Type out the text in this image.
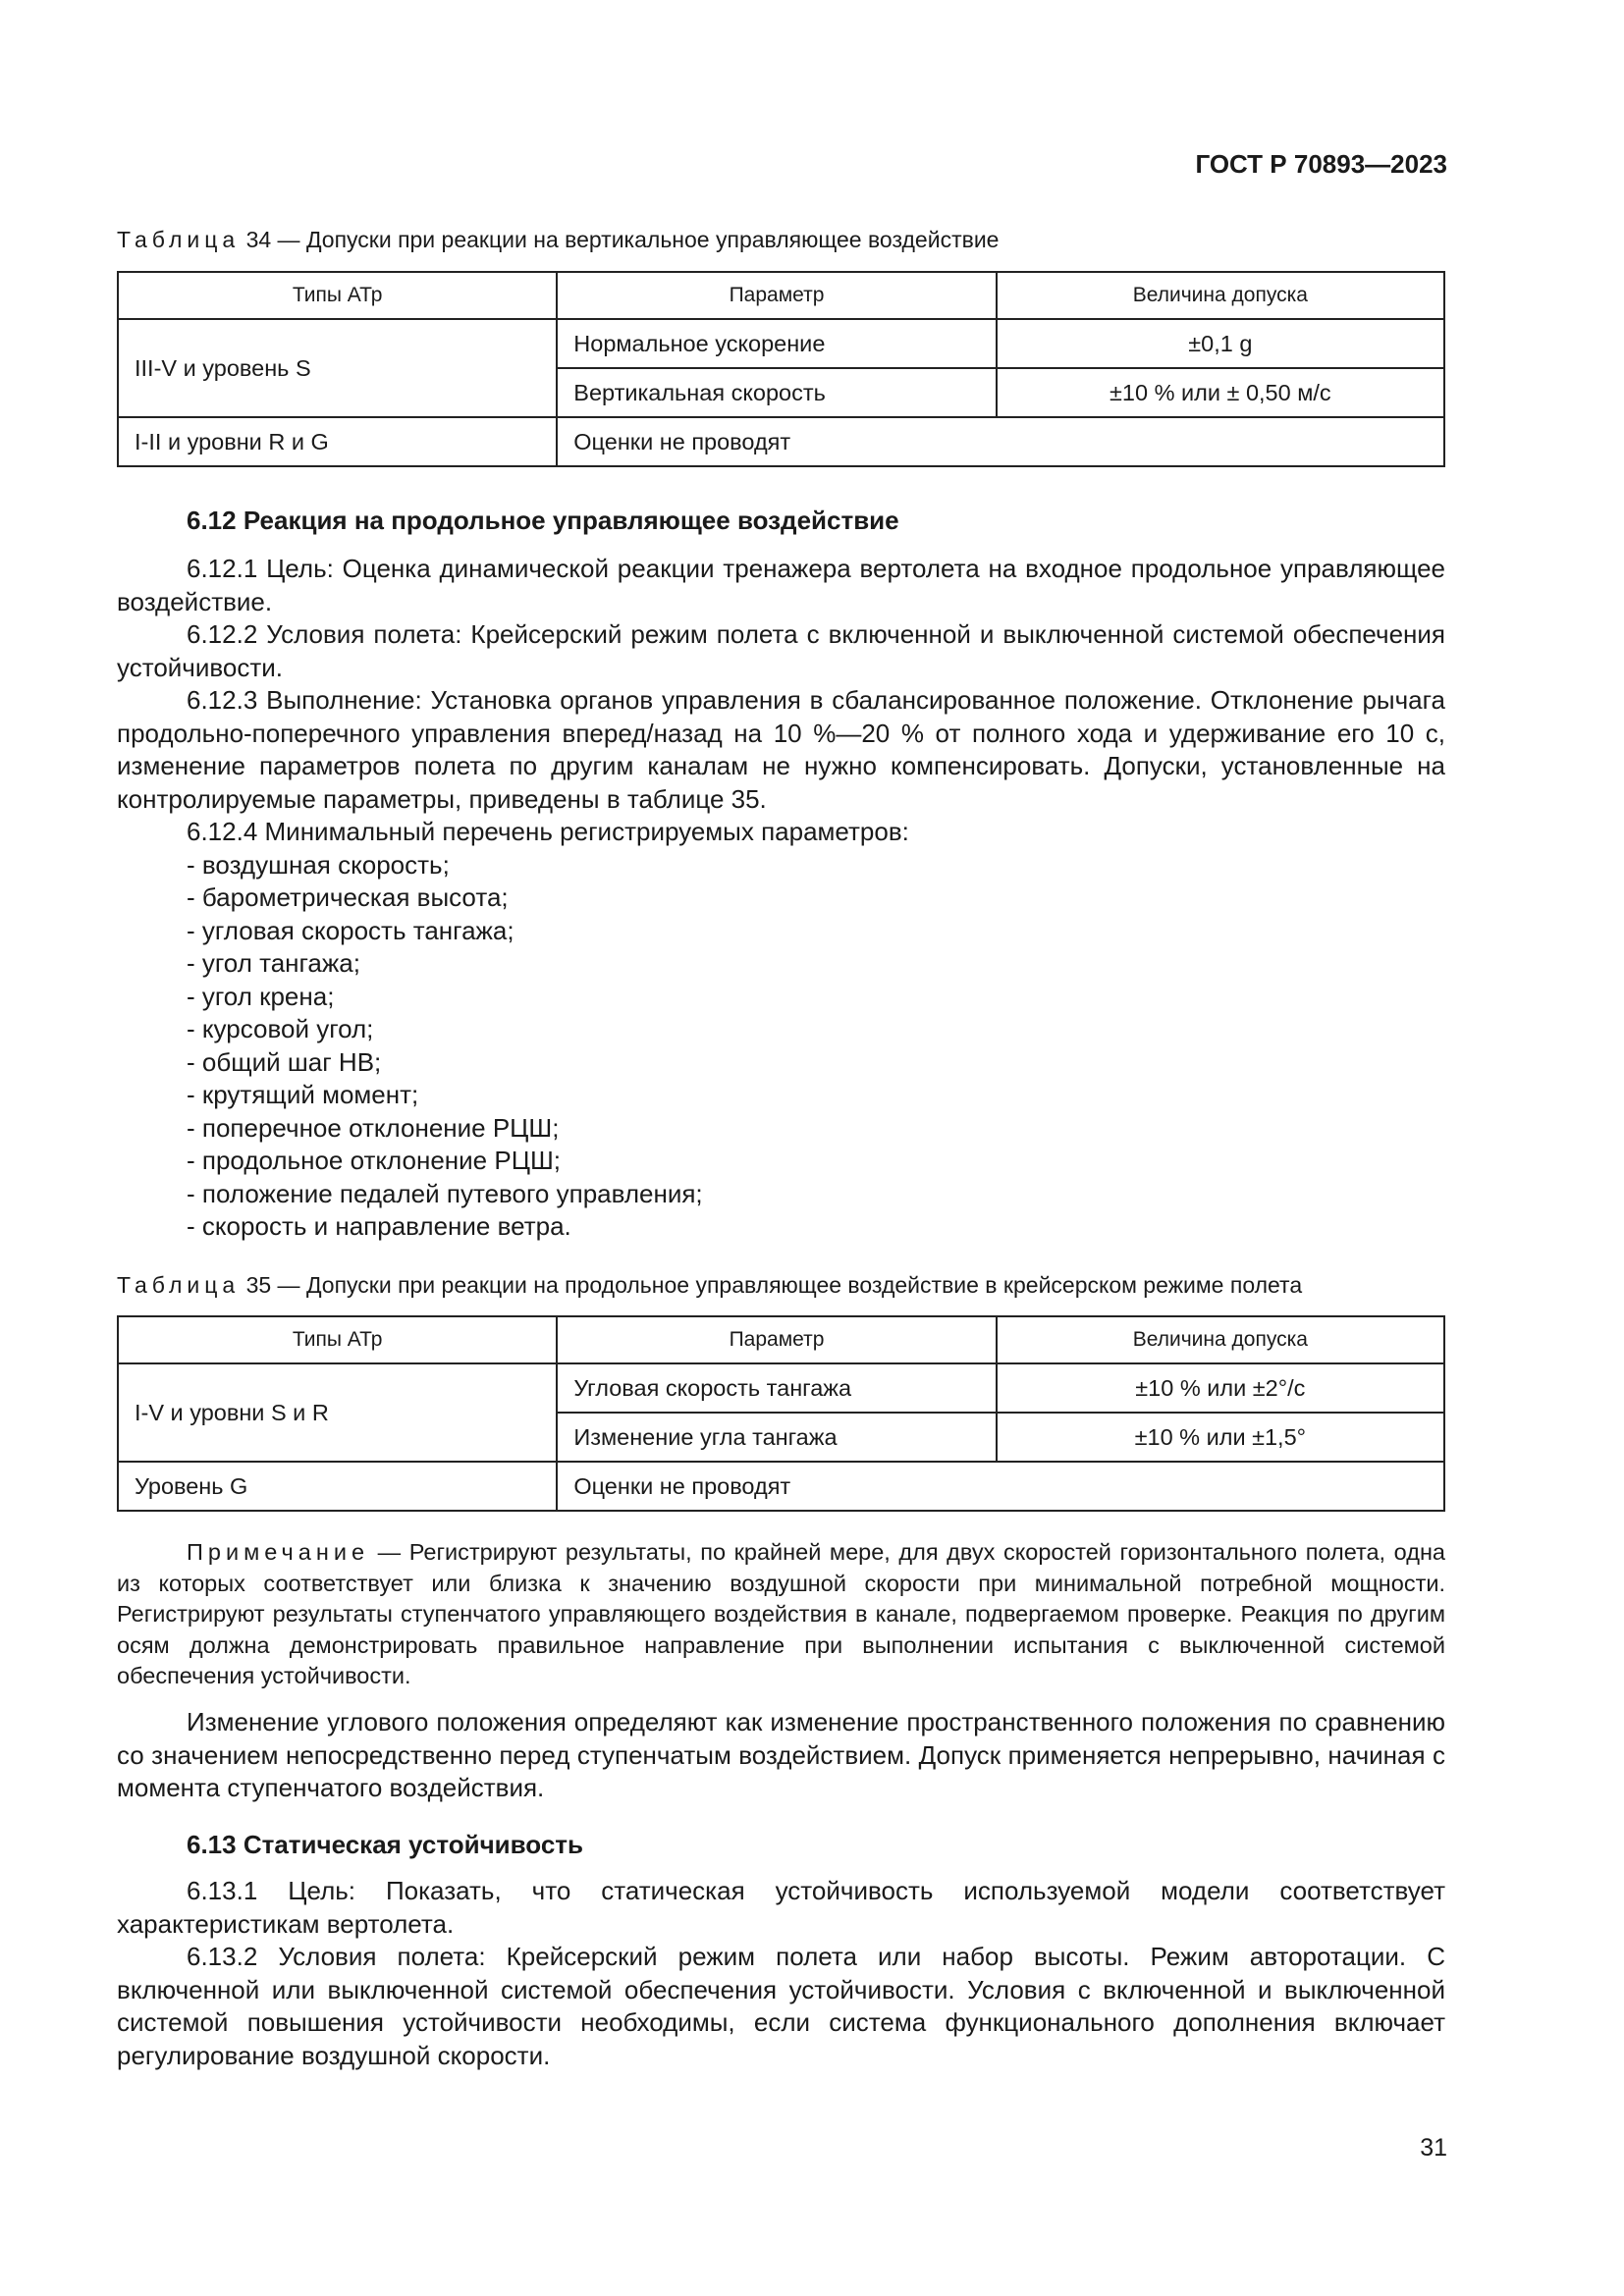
ГОСТ Р 70893—2023
Таблица 34 — Допуски при реакции на вертикальное управляющее воздействие
Типы АТр	Параметр	Величина допуска
III-V и уровень S	Нормальное ускорение	±0,1 g
	Вертикальная скорость	±10 % или ± 0,50 м/с
I-II и уровни R и G	Оценки не проводят	
6.12 Реакция на продольное управляющее воздействие

6.12.1 Цель: Оценка динамической реакции тренажера вертолета на входное продольное управляющее воздействие.

6.12.2 Условия полета: Крейсерский режим полета с включенной и выключенной системой обеспечения устойчивости.

6.12.3 Выполнение: Установка органов управления в сбалансированное положение. Отклонение рычага продольно-поперечного управления вперед/назад на 10 %—20 % от полного хода и удерживание его 10 с, изменение параметров полета по другим каналам не нужно компенсировать. Допуски, установленные на контролируемые параметры, приведены в таблице 35.

6.12.4 Минимальный перечень регистрируемых параметров:

- воздушная скорость;
- барометрическая высота;
- угловая скорость тангажа;
- угол тангажа;
- угол крена;
- курсовой угол;
- общий шаг НВ;
- крутящий момент;
- поперечное отклонение РЦШ;
- продольное отклонение РЦШ;
- положение педалей путевого управления;
- скорость и направление ветра.
Таблица 35 — Допуски при реакции на продольное управляющее воздействие в крейсерском режиме полета
Типы АТр	Параметр	Величина допуска
I-V и уровни S и R	Угловая скорость тангажа	±10 % или ±2°/с
	Изменение угла тангажа	±10 % или ±1,5°
Уровень G	Оценки не проводят	

Примечание — Регистрируют результаты, по крайней мере, для двух скоростей горизонтального полета, одна из которых соответствует или близка к значению воздушной скорости при минимальной потребной мощности. Регистрируют результаты ступенчатого управляющего воздействия в канале, подвергаемом проверке. Реакция по другим осям должна демонстрировать правильное направление при выполнении испытания с выключенной системой обеспечения устойчивости.

Изменение углового положения определяют как изменение пространственного положения по сравнению со значением непосредственно перед ступенчатым воздействием. Допуск применяется непрерывно, начиная с момента ступенчатого воздействия.

6.13 Статическая устойчивость

6.13.1 Цель: Показать, что статическая устойчивость используемой модели соответствует характеристикам вертолета.

6.13.2 Условия полета: Крейсерский режим полета или набор высоты. Режим авторотации. С включенной или выключенной системой обеспечения устойчивости. Условия с включенной и выключенной системой повышения устойчивости необходимы, если система функционального дополнения включает регулирование воздушной скорости.

31
